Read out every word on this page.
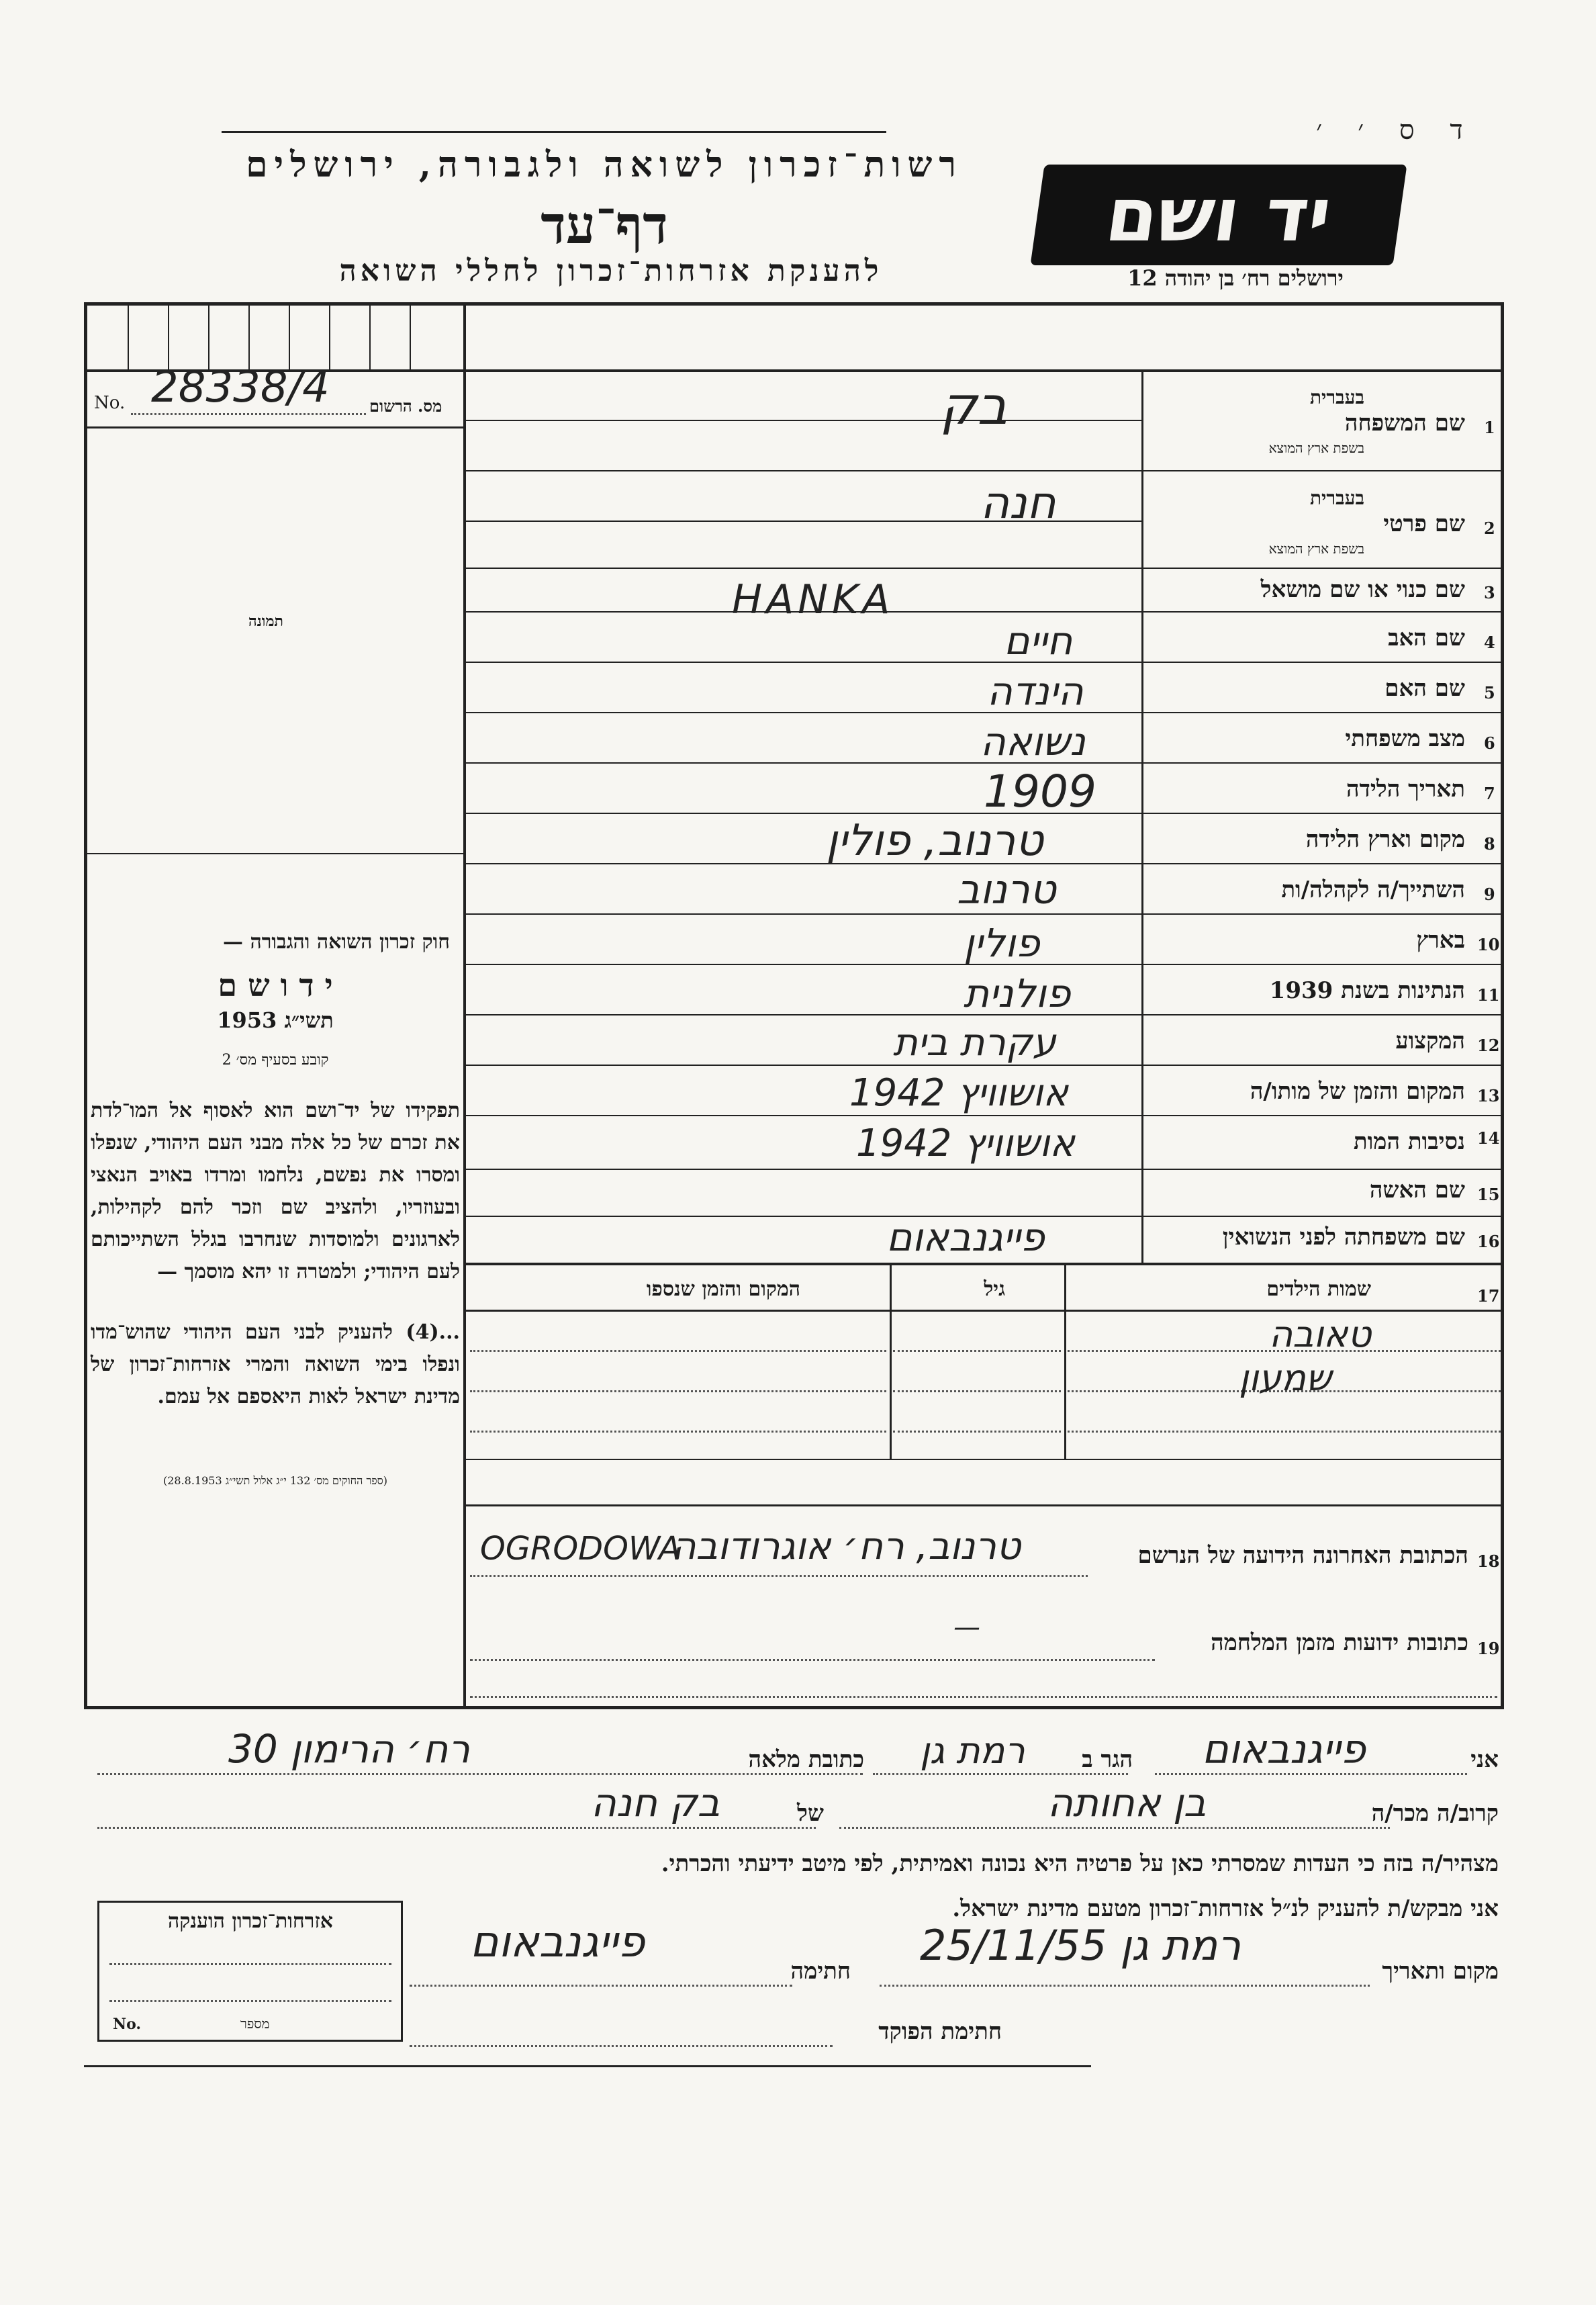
ד ס ׳ ׳
רשות־זכרון לשואה ולגבורה, ירושלים
דף־עד
להענקת אזרחות־זכרון לחללי השואה
יד ושם
ירושלים רח׳ בן יהודה 12
No. 28338/4 מס. הרשום
תמונה
חוק זכרון השואה והגבורה —
י ד ו ש ם
תשי״ג 1953
קובע בסעיף מס׳ 2
תפקידו של יד־ושם הוא לאסוף אל המו־לדת את זכרם של כל אלה מבני העם היהודי, שנפלו ומסרו את נפשם, נלחמו ומרדו באויב הנאצי ובעוזריו, ולהציב שם וזכר להם לקהילות, לארגונים ולמוסדות שנחרבו בגלל השתייכותם לעם היהודי; ולמטרה זו יהא מוסמך —
...(4) להעניק לבני העם היהודי שהוש־מדו ונפלו בימי השואה והמרי אזרחות־זכרון של מדינת ישראל לאות היאספם אל עמם.
(ספר החוקים מס׳ 132 י״ג אלול תשי״ג 28.8.1953)
שם המשפחה 1
בעברית
בשפת ארץ המוצא
בק
שם פרטי 2
בעברית
בשפת ארץ המוצא
חנה
שם כנוי או שם מושאל 3
HANKA
שם האב 4
חיים
שם האם 5
הינדה
מצב משפחתי 6
נשואה
תאריך הלידה 7
1909
מקום וארץ הלידה 8
טרנוב, פולין
השתייך/ה לקהלה/ות 9
טרנוב
בארץ 10
פולין
הנתינות בשנת 1939 11
פולנית
המקצוע 12
עקרת בית
המקום והזמן של מותו/ה 13
אושוויץ 1942
נסיבות המות 14
אושוויץ 1942
שם האשה 15
שם משפחתה לפני הנשואין 16
פייגנבאום
17
שמות הילדים
גיל
המקום והזמן שנספו
טאובה
שמעון
18
הכתובת האחרונה הידועה של הנרשם
OGRODOWA
טרנוב, רח׳ אוגרודובה
19
כתובות ידועות מזמן המלחמה
—
אני
פייגנבאום
הגר ב
רמת גן
כתובת מלאה
רח׳ הרימון 30
קרוב/ה מכר/ה
בן אחותה
של
בק חנה
מצהיר/ה בזה כי העדות שמסרתי כאן על פרטיה היא נכונה ואמיתית, לפי מיטב ידיעתי והכרתי.
אני מבקש/ת להעניק לנ״ל אזרחות־זכרון מטעם מדינת ישראל.
אזרחות־זכרון הוענקה
No.	מספר
מקום ותאריך
רמת גן 25/11/55
חתימה
פייגנבאום
חתימת הפוקד
